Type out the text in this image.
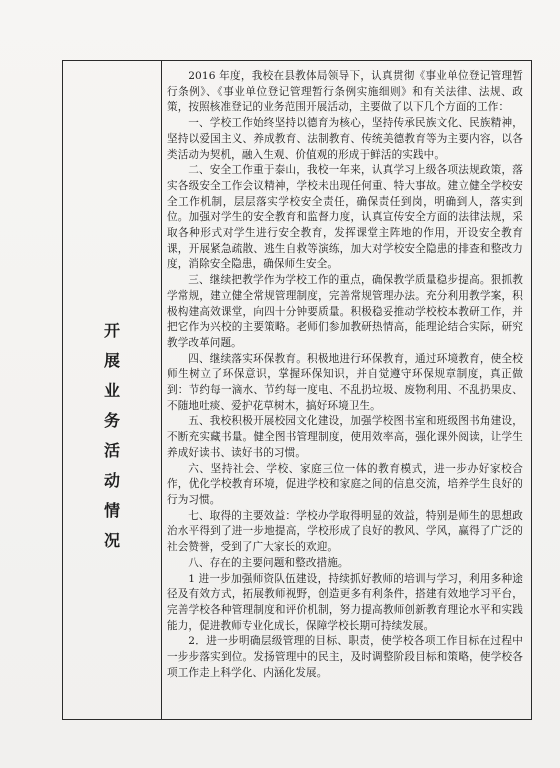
开
展
业
务
活
动
情
况

2016 年度，我校在县教体局领导下，认真贯彻《事业单位登记管理暂行条例》、《事业单位登记管理暂行条例实施细则》和有关法律、法规、政策，按照核准登记的业务范围开展活动，主要做了以下几个方面的工作：

一、学校工作始终坚持以德育为核心，坚持传承民族文化、民族精神，坚持以爱国主义、养成教育、法制教育、传统美德教育等为主要内容，以各类活动为契机，融入生观、价值观的形成于鲜活的实践中。

二、安全工作重于泰山，我校一年来，认真学习上级各项法规政策，落实各级安全工作会议精神，学校未出现任何重、特大事故。建立健全学校安全工作机制，层层落实学校安全责任，确保责任到岗，明确到人，落实到位。加强对学生的安全教育和监督力度，认真宣传安全方面的法律法规，采取各种形式对学生进行安全教育，发挥课堂主阵地的作用，开设安全教育课，开展紧急疏散、逃生自救等演练，加大对学校安全隐患的排查和整改力度，消除安全隐患，确保师生安全。

三、继续把教学作为学校工作的重点，确保教学质量稳步提高。狠抓教学常规，建立健全常规管理制度，完善常规管理办法。充分利用教学案，积极构建高效课堂，向四十分钟要质量。积极稳妥推动学校校本教研工作，并把它作为兴校的主要策略。老师们参加教研热情高，能理论结合实际，研究教学改革问题。

四、继续落实环保教育。积极地进行环保教育，通过环境教育，使全校师生树立了环保意识，掌握环保知识，并自觉遵守环保规章制度，真正做到：节约每一滴水、节约每一度电、不乱扔垃圾、废物利用、不乱扔果皮、不随地吐痰、爱护花草树木，搞好环境卫生。

五、我校积极开展校园文化建设，加强学校图书室和班级图书角建设，不断充实藏书量。健全图书管理制度，使用效率高，强化课外阅读，让学生养成好读书、读好书的习惯。

六、坚持社会、学校、家庭三位一体的教育模式，进一步办好家校合作，优化学校教育环境，促进学校和家庭之间的信息交流，培养学生良好的行为习惯。

七、取得的主要效益：学校办学取得明显的效益，特别是师生的思想政治水平得到了进一步地提高，学校形成了良好的教风、学风，赢得了广泛的社会赞誉，受到了广大家长的欢迎。

八、存在的主要问题和整改措施。

1 进一步加强师资队伍建设，持续抓好教师的培训与学习，利用多种途径及有效方式，拓展教师视野，创造更多有利条件，搭建有效地学习平台，完善学校各种管理制度和评价机制，努力提高教师创新教育理论水平和实践能力，促进教师专业化成长，保障学校长期可持续发展。

2．进一步明确层级管理的目标、职责，使学校各项工作目标在过程中一步步落实到位。发扬管理中的民主，及时调整阶段目标和策略，使学校各项工作走上科学化、内涵化发展。
